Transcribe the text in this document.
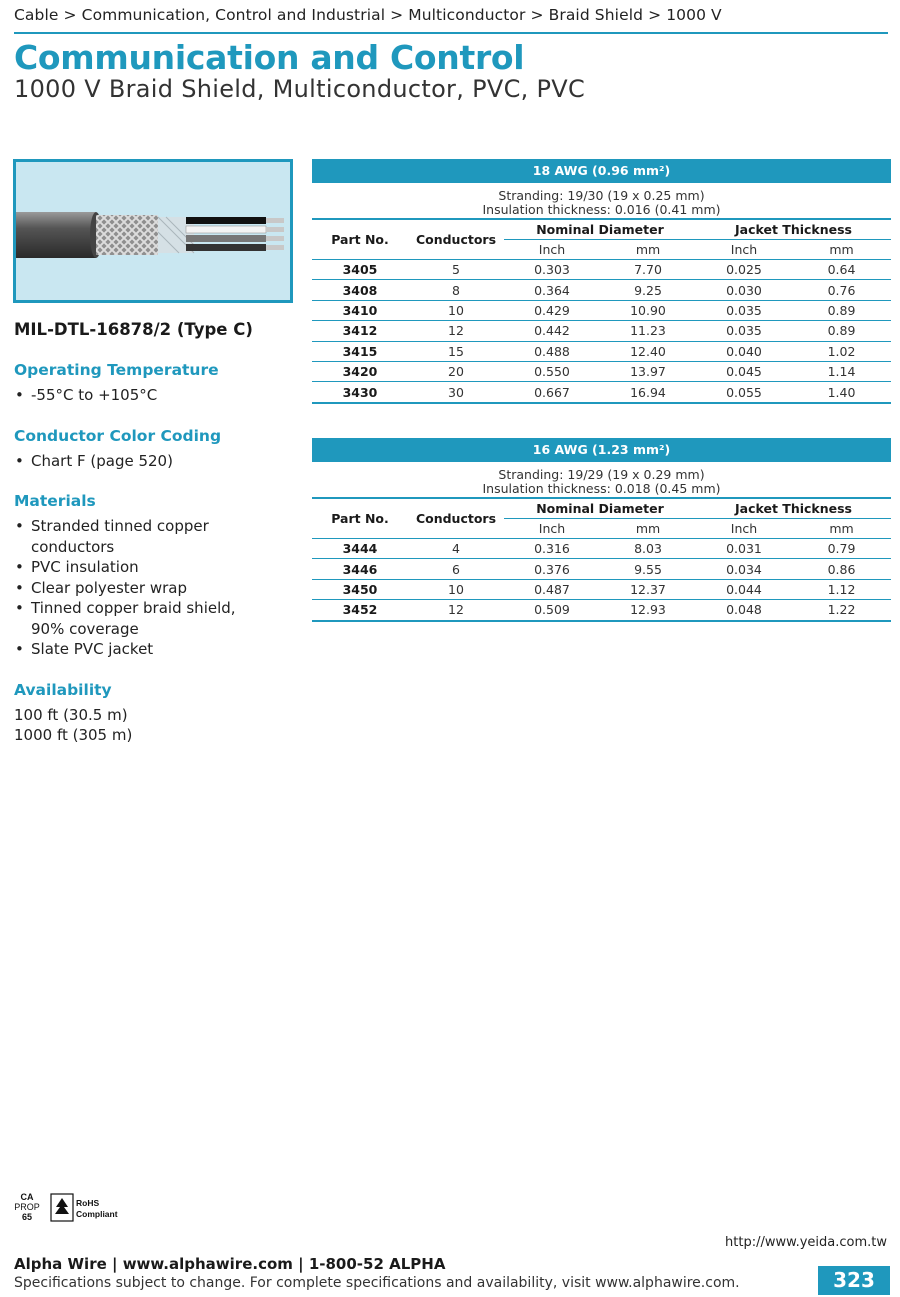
Cable > Communication, Control and Industrial > Multiconductor > Braid Shield > 1000 V
Communication and Control
1000 V Braid Shield, Multiconductor, PVC, PVC
MIL-DTL-16878/2 (Type C)
Operating Temperature
• -55°C to +105°C
Conductor Color Coding
• Chart F (page 520)
Materials
• Stranded tinned copper conductors
• PVC insulation
• Clear polyester wrap
• Tinned copper braid shield, 90% coverage
• Slate PVC jacket
Availability
100 ft (30.5 m)
1000 ft (305 m)
18 AWG (0.96 mm²)
Stranding: 19/30 (19 x 0.25 mm)
Insulation thickness: 0.016 (0.41 mm)
Part No.	Conductors	Nominal Diameter		Jacket Thickness	
		Inch	mm	Inch	mm
3405	5	0.303	7.70	0.025	0.64
3408	8	0.364	9.25	0.030	0.76
3410	10	0.429	10.90	0.035	0.89
3412	12	0.442	11.23	0.035	0.89
3415	15	0.488	12.40	0.040	1.02
3420	20	0.550	13.97	0.045	1.14
3430	30	0.667	16.94	0.055	1.40
16 AWG (1.23 mm²)
Stranding: 19/29 (19 x 0.29 mm)
Insulation thickness: 0.018 (0.45 mm)
Part No.	Conductors	Nominal Diameter		Jacket Thickness	
		Inch	mm	Inch	mm
3444	4	0.316	8.03	0.031	0.79
3446	6	0.376	9.55	0.034	0.86
3450	10	0.487	12.37	0.044	1.12
3452	12	0.509	12.93	0.048	1.22
CA
PROP
65
RoHS
Compliant
http://www.yeida.com.tw
Alpha Wire | www.alphawire.com | 1-800-52 ALPHA
Specifications subject to change. For complete specifications and availability, visit www.alphawire.com.	323
